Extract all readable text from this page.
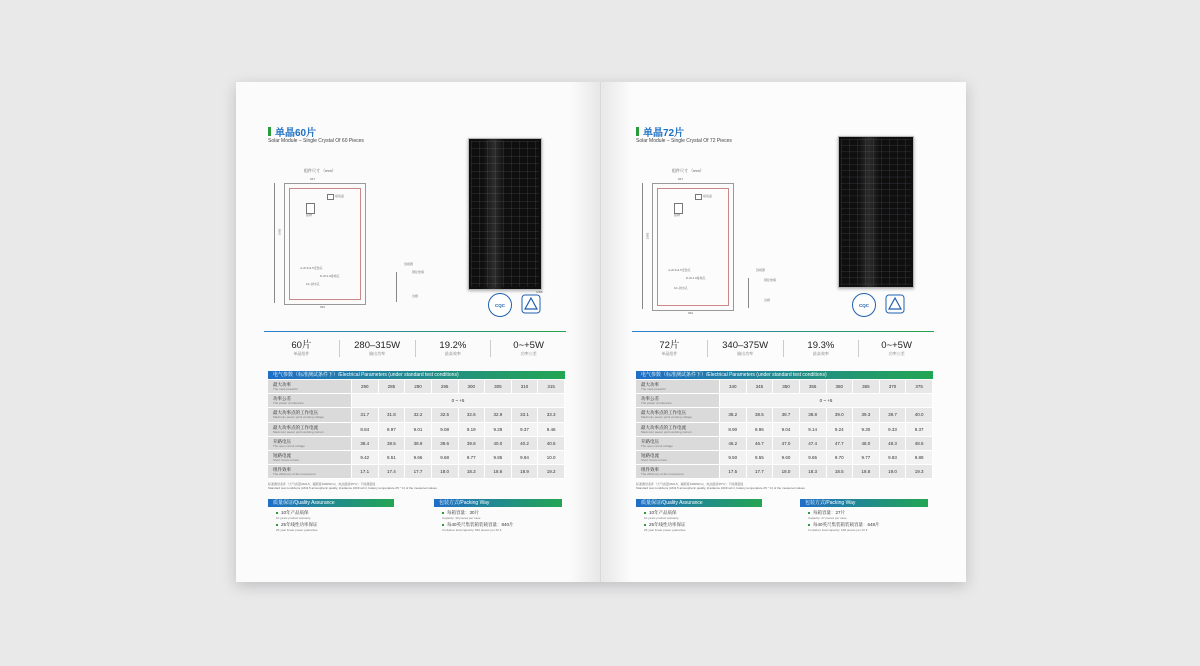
单晶60片
Solar Module – Single Crystal Of 60 Pieces
组件尺寸 （mm）
947
接线盒
铭牌
1650
4–Ø 3x4.5安装孔
8–Ø 4.0接地孔
10–排水孔
992
剖视图
钢化玻璃
边框
SIB8
CQC
60片
单晶组件
280–315W
输出功率
19.2%
最高效率
0~+5W
功率公差
电气参数（标准测试条件下）/Electrical Parameters (under standard test conditions)
最大功率
The most powerful	290	285	290	295	300	305	310	315

功率公差
The power of tolerance	0 ~ +5							

最大功率点的工作电压
Maximum power point working voltage	31.7	31.8	32.2	32.5	32.6	32.9	33.1	33.3

最大功率点的工作电流
Maximum power point working current	8.84	8.97	9.01	9.08	9.19	9.28	9.37	9.46

开路电压
The open circuit voltage	38.4	38.5	38.9	39.6	39.8	40.0	40.2	40.5

短路电流
Short circuit current	9.42	9.51	9.66	9.68	9.77	9.85	9.94	10.0

组件效率
The efficiency of the component	17.1	17.4	17.7	18.0	18.3	18.6	18.9	19.2
标准测试条件（大气质量AM1.5，辐照度1000W/m²，电池温度25°C）下的测量值
Standard test conditions (AM1.5 atmospheric quality, irradiance 1000 w/m², battery temperature 25 ° C) of the measured values
质量保证/Quality Assurance
10年产品质保
10 years product warranty
25年线性功率保证
25-year linear power guarantee
包装方式/Packing Way
每箱容量：30片
Capacity: 30 pieces per case
每40英尺集装箱装载容量：840片
Container load capacity: 840 pieces per 40 ft
单晶72片
Solar Module – Single Crystal Of 72 Pieces
组件尺寸 （mm）
947
接线盒
铭牌
1950
4–Ø 3x4.5安装孔
8–Ø 4.0接地孔
10–排水孔
992
剖视图
钢化玻璃
边框
CQC
72片
单晶组件
340–375W
输出功率
19.3%
最高效率
0~+5W
功率公差
电气参数（标准测试条件下）/Electrical Parameters (under standard test conditions)
最大功率
The most powerful	340	345	350	355	360	365	370	375

功率公差
The power of tolerance	0 ~ +5							

最大功率点的工作电压
Maximum power point working voltage	38.2	38.5	38.7	38.8	39.0	39.3	39.7	40.0

最大功率点的工作电流
Maximum power point working current	8.90	8.96	9.04	9.14	9.24	9.30	9.33	9.37

开路电压
The open circuit voltage	46.2	46.7	47.0	47.4	47.7	48.0	48.3	48.5

短路电流
Short circuit current	9.50	9.55	9.60	9.65	9.70	9.77	9.83	9.88

组件效率
The efficiency of the component	17.5	17.7	18.0	18.3	18.5	18.8	19.0	19.3
标准测试条件（大气质量AM1.5，辐照度1000W/m²，电池温度25°C）下的测量值
Standard test conditions (AM1.5 atmospheric quality, irradiance 1000 w/m², battery temperature 25 ° C) of the measured values
质量保证/Quality Assurance
10年产品质保
10 years product warranty
25年线性功率保证
25-year linear power guarantee
包装方式/Packing Way
每箱容量：27片
Capacity: 27 pieces per case
每40英尺集装箱装载容量：648片
Container load capacity: 648 pieces per 40 ft
